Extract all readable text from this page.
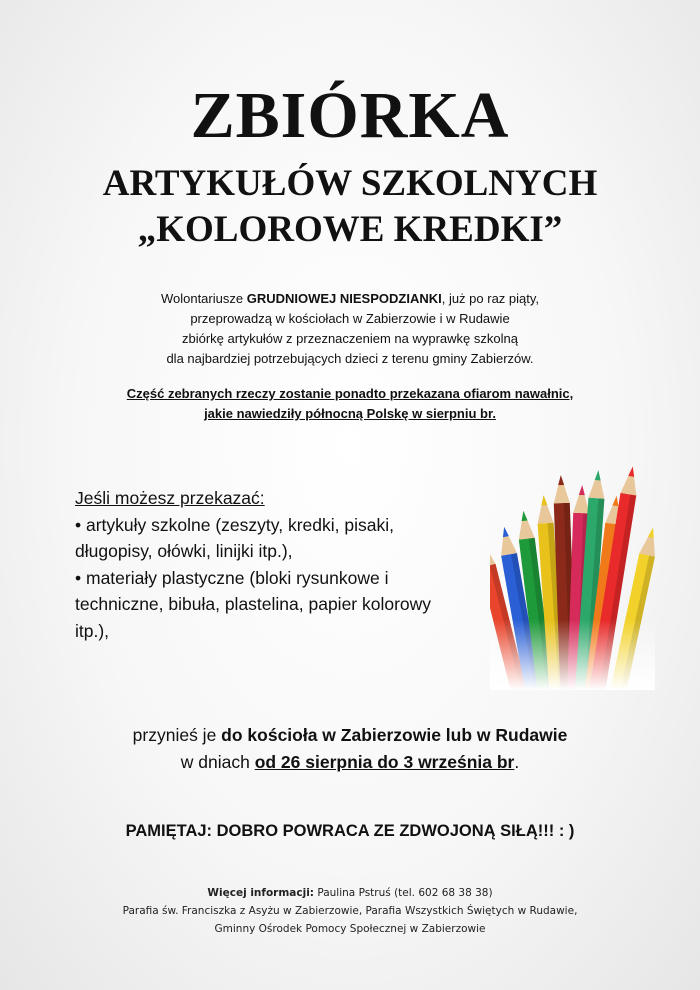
ZBIÓRKA
ARTYKUŁÓW SZKOLNYCH
„KOLOROWE KREDKI”
Wolontariusze GRUDNIOWEJ NIESPODZIANKI, już po raz piąty,
przeprowadzą w kościołach w Zabierzowie i w Rudawie
zbiórkę artykułów z przeznaczeniem na wyprawkę szkolną
dla najbardziej potrzebujących dzieci z terenu gminy Zabierzów.
Część zebranych rzeczy zostanie ponadto przekazana ofiarom nawałnic,
jakie nawiedziły północną Polskę w sierpniu br.
Jeśli możesz przekazać:
• artykuły szkolne (zeszyty, kredki, pisaki,
długopisy, ołówki, linijki itp.),
• materiały plastyczne (bloki rysunkowe i
techniczne, bibuła, plastelina, papier kolorowy
itp.),
przynieś je do kościoła w Zabierzowie lub w Rudawie
w dniach od 26 sierpnia do 3 września br.
PAMIĘTAJ: DOBRO POWRACA ZE ZDWOJONĄ SIŁĄ!!! : )
Więcej informacji: Paulina Pstruś (tel. 602 68 38 38)
Parafia św. Franciszka z Asyżu w Zabierzowie, Parafia Wszystkich Świętych w Rudawie,
Gminny Ośrodek Pomocy Społecznej w Zabierzowie
